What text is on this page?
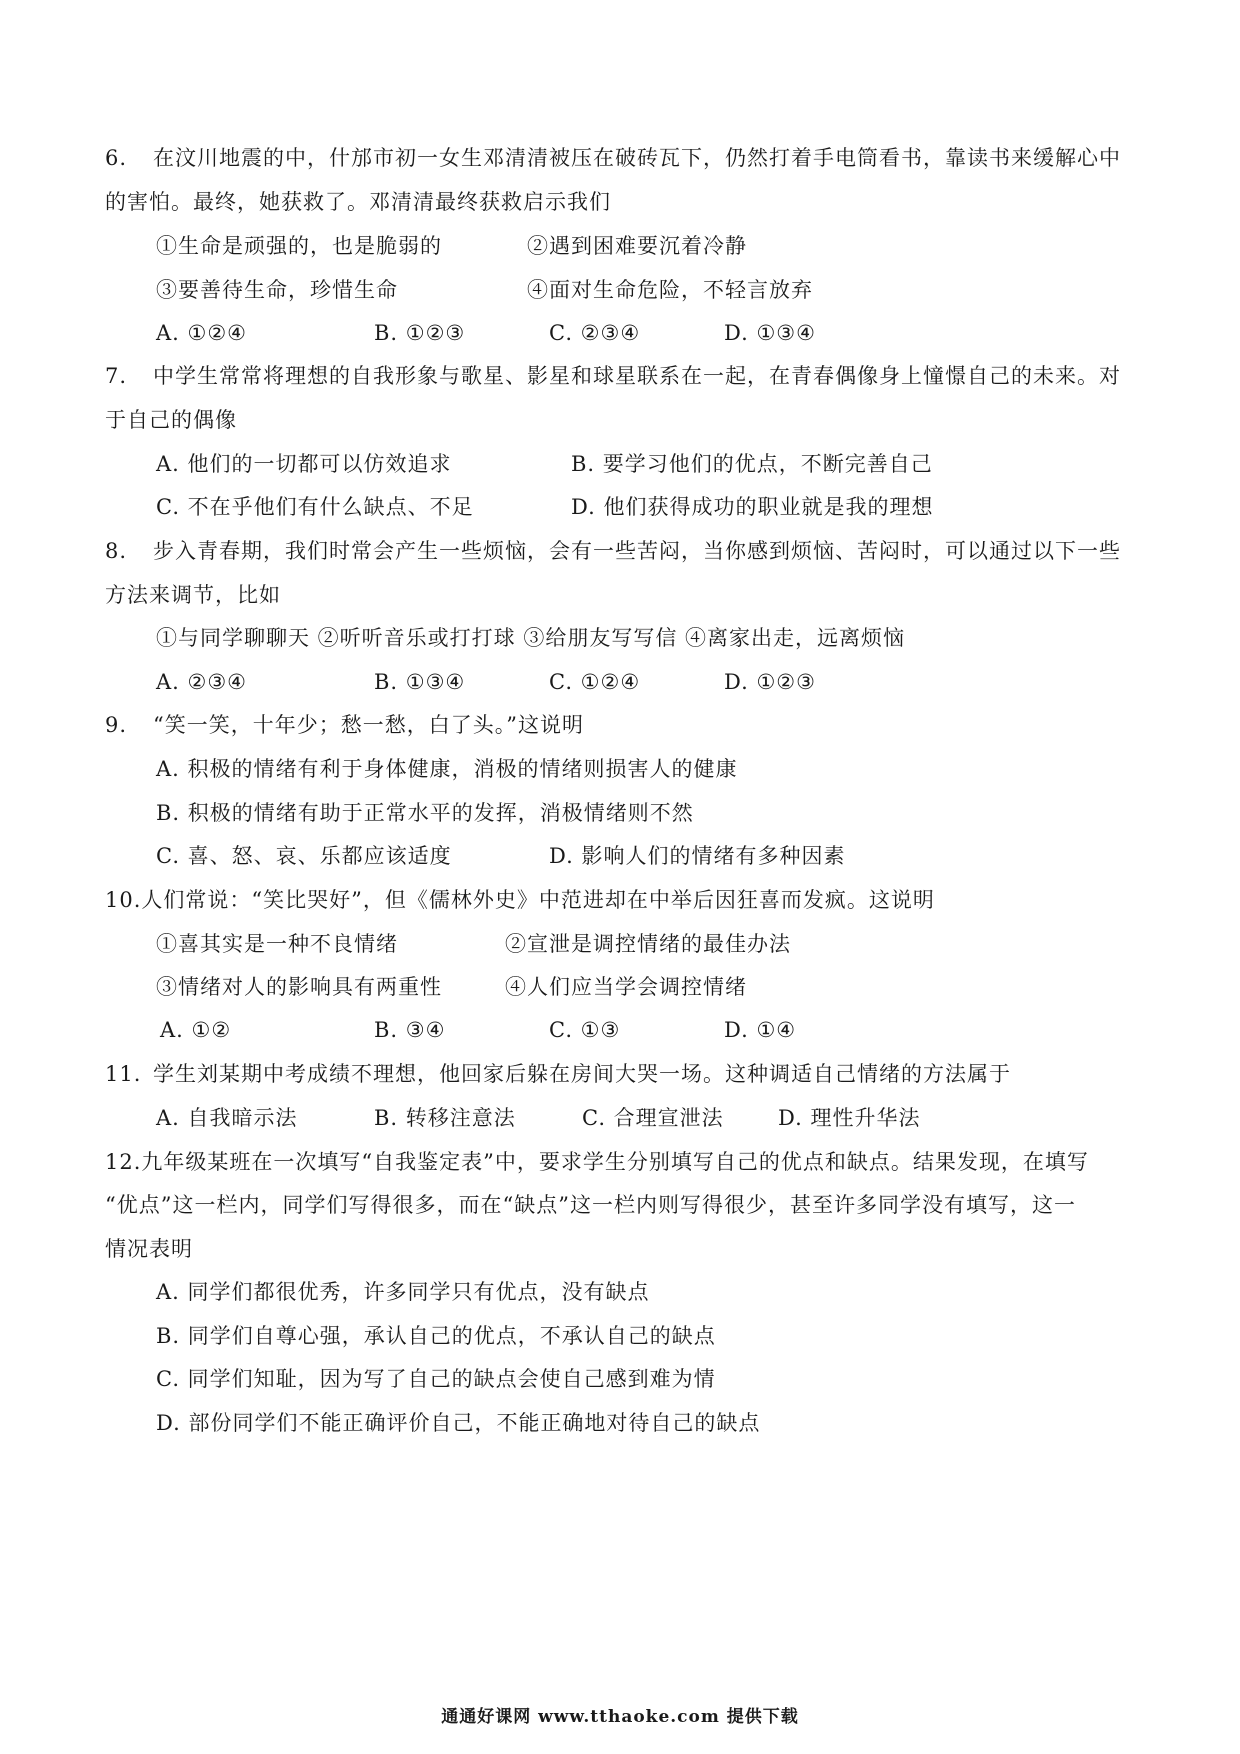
6. 在汶川地震的中，什邡市初一女生邓清清被压在破砖瓦下，仍然打着手电筒看书，靠读书来缓解心中
的害怕。最终，她获救了。邓清清最终获救启示我们
①生命是顽强的，也是脆弱的	②遇到困难要沉着冷静
③要善待生命，珍惜生命	④面对生命危险，不轻言放弃
A. ①②④	B. ①②③	C. ②③④	D. ①③④
7. 中学生常常将理想的自我形象与歌星、影星和球星联系在一起，在青春偶像身上憧憬自己的未来。对
于自己的偶像
A. 他们的一切都可以仿效追求	B. 要学习他们的优点，不断完善自己
C. 不在乎他们有什么缺点、不足	D. 他们获得成功的职业就是我的理想
8. 步入青春期，我们时常会产生一些烦恼，会有一些苦闷，当你感到烦恼、苦闷时，可以通过以下一些
方法来调节，比如
①与同学聊聊天 ②听听音乐或打打球 ③给朋友写写信 ④离家出走，远离烦恼
A. ②③④	B. ①③④	C. ①②④	D. ①②③
9. “笑一笑，十年少；愁一愁，白了头。”这说明
A. 积极的情绪有利于身体健康，消极的情绪则损害人的健康
B. 积极的情绪有助于正常水平的发挥，消极情绪则不然
C. 喜、怒、哀、乐都应该适度	D. 影响人们的情绪有多种因素
10.人们常说：“笑比哭好”，但《儒林外史》中范进却在中举后因狂喜而发疯。这说明
①喜其实是一种不良情绪	②宣泄是调控情绪的最佳办法
③情绪对人的影响具有两重性	④人们应当学会调控情绪
A. ①②	B. ③④	C. ①③	D. ①④
11. 学生刘某期中考成绩不理想，他回家后躲在房间大哭一场。这种调适自己情绪的方法属于
A. 自我暗示法	B. 转移注意法	C. 合理宣泄法	D. 理性升华法
12.九年级某班在一次填写“自我鉴定表”中，要求学生分别填写自己的优点和缺点。结果发现，在填写
“优点”这一栏内，同学们写得很多，而在“缺点”这一栏内则写得很少，甚至许多同学没有填写，这一
情况表明
A. 同学们都很优秀，许多同学只有优点，没有缺点
B. 同学们自尊心强，承认自己的优点，不承认自己的缺点
C. 同学们知耻，因为写了自己的缺点会使自己感到难为情
D. 部份同学们不能正确评价自己，不能正确地对待自己的缺点
通通好课网 www.tthaoke.com 提供下载
